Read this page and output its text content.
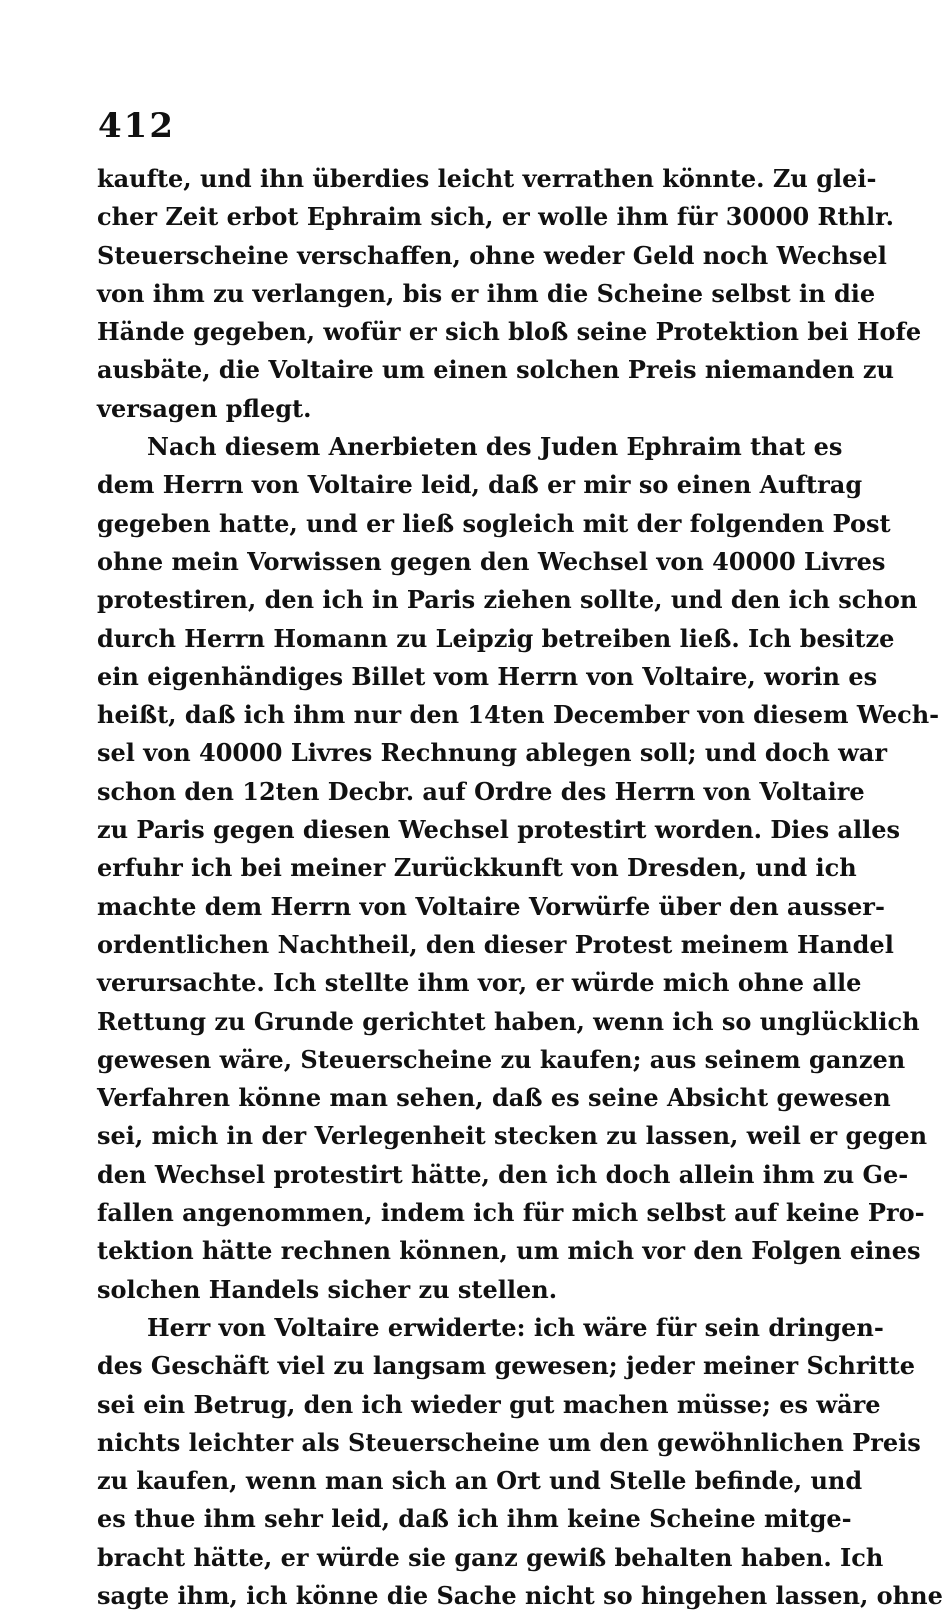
412
kaufte, und ihn überdies leicht verrathen könnte. Zu glei-
cher Zeit erbot Ephraim sich, er wolle ihm für 30000 Rthlr.
Steuerscheine verschaffen, ohne weder Geld noch Wechsel
von ihm zu verlangen, bis er ihm die Scheine selbst in die
Hände gegeben, wofür er sich bloß seine Protektion bei Hofe
ausbäte, die Voltaire um einen solchen Preis niemanden zu
versagen pflegt.
Nach diesem Anerbieten des Juden Ephraim that es
dem Herrn von Voltaire leid, daß er mir so einen Auftrag
gegeben hatte, und er ließ sogleich mit der folgenden Post
ohne mein Vorwissen gegen den Wechsel von 40000 Livres
protestiren, den ich in Paris ziehen sollte, und den ich schon
durch Herrn Homann zu Leipzig betreiben ließ. Ich besitze
ein eigenhändiges Billet vom Herrn von Voltaire, worin es
heißt, daß ich ihm nur den 14ten December von diesem Wech-
sel von 40000 Livres Rechnung ablegen soll; und doch war
schon den 12ten Decbr. auf Ordre des Herrn von Voltaire
zu Paris gegen diesen Wechsel protestirt worden. Dies alles
erfuhr ich bei meiner Zurückkunft von Dresden, und ich
machte dem Herrn von Voltaire Vorwürfe über den ausser-
ordentlichen Nachtheil, den dieser Protest meinem Handel
verursachte. Ich stellte ihm vor, er würde mich ohne alle
Rettung zu Grunde gerichtet haben, wenn ich so unglücklich
gewesen wäre, Steuerscheine zu kaufen; aus seinem ganzen
Verfahren könne man sehen, daß es seine Absicht gewesen
sei, mich in der Verlegenheit stecken zu lassen, weil er gegen
den Wechsel protestirt hätte, den ich doch allein ihm zu Ge-
fallen angenommen, indem ich für mich selbst auf keine Pro-
tektion hätte rechnen können, um mich vor den Folgen eines
solchen Handels sicher zu stellen.
Herr von Voltaire erwiderte: ich wäre für sein dringen-
des Geschäft viel zu langsam gewesen; jeder meiner Schritte
sei ein Betrug, den ich wieder gut machen müsse; es wäre
nichts leichter als Steuerscheine um den gewöhnlichen Preis
zu kaufen, wenn man sich an Ort und Stelle befinde, und
es thue ihm sehr leid, daß ich ihm keine Scheine mitge-
bracht hätte, er würde sie ganz gewiß behalten haben. Ich
sagte ihm, ich könne die Sache nicht so hingehen lassen, ohne
